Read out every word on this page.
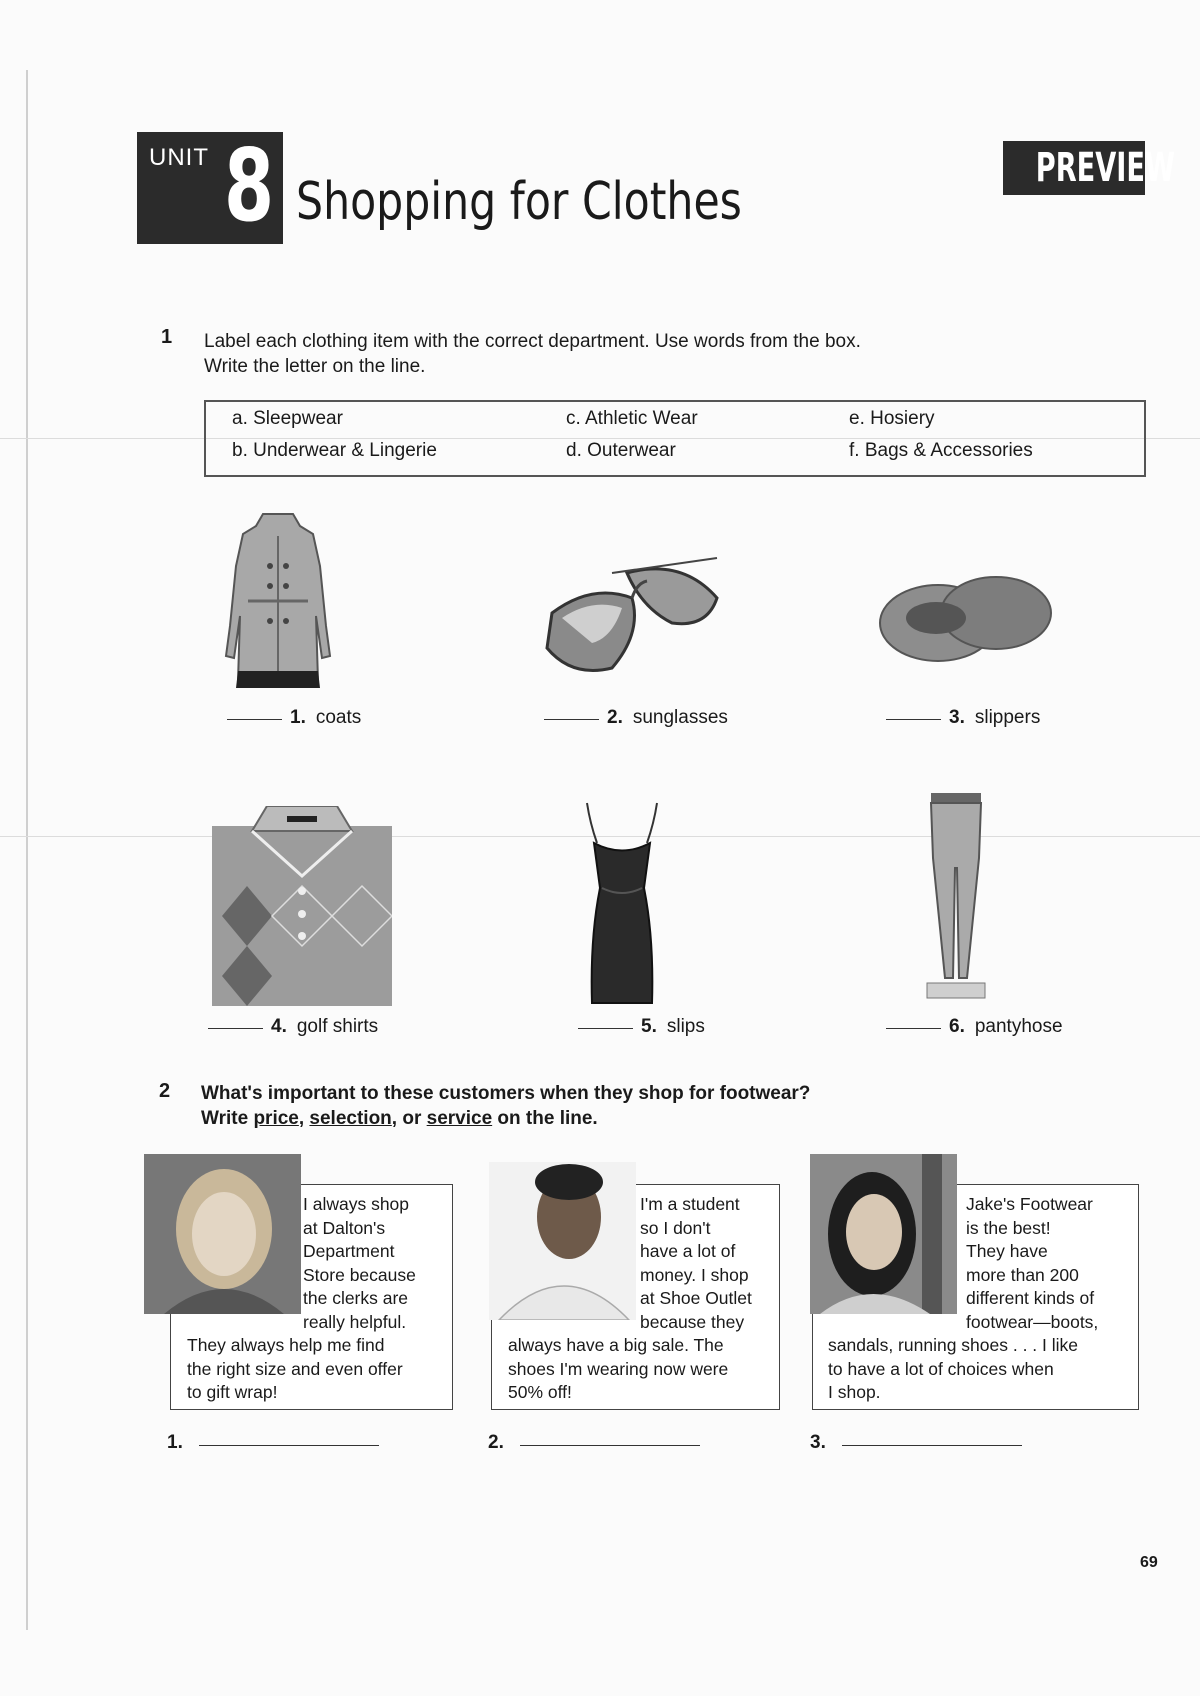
UNIT 8 Shopping for Clothes
PREVIEW
1 Label each clothing item with the correct department. Use words from the box.
Write the letter on the line.
a. Sleepwear
b. Underwear & Lingerie
c. Athletic Wear
d. Outerwear
e. Hosiery
f. Bags & Accessories
1. coats	2. sunglasses	3. slippers
4. golf shirts	5. slips	6. pantyhose
2 What's important to these customers when they shop for footwear?
Write price, selection, or service on the line.
I always shop
at Dalton's
Department
Store because
the clerks are
really helpful.
They always help me find
the right size and even offer
to gift wrap!
I'm a student
so I don't
have a lot of
money. I shop
at Shoe Outlet
because they
always have a big sale. The
shoes I'm wearing now were
50% off!
Jake's Footwear
is the best!
They have
more than 200
different kinds of
footwear—boots,
sandals, running shoes . . . I like
to have a lot of choices when
I shop.
1.	2.	3.
69
